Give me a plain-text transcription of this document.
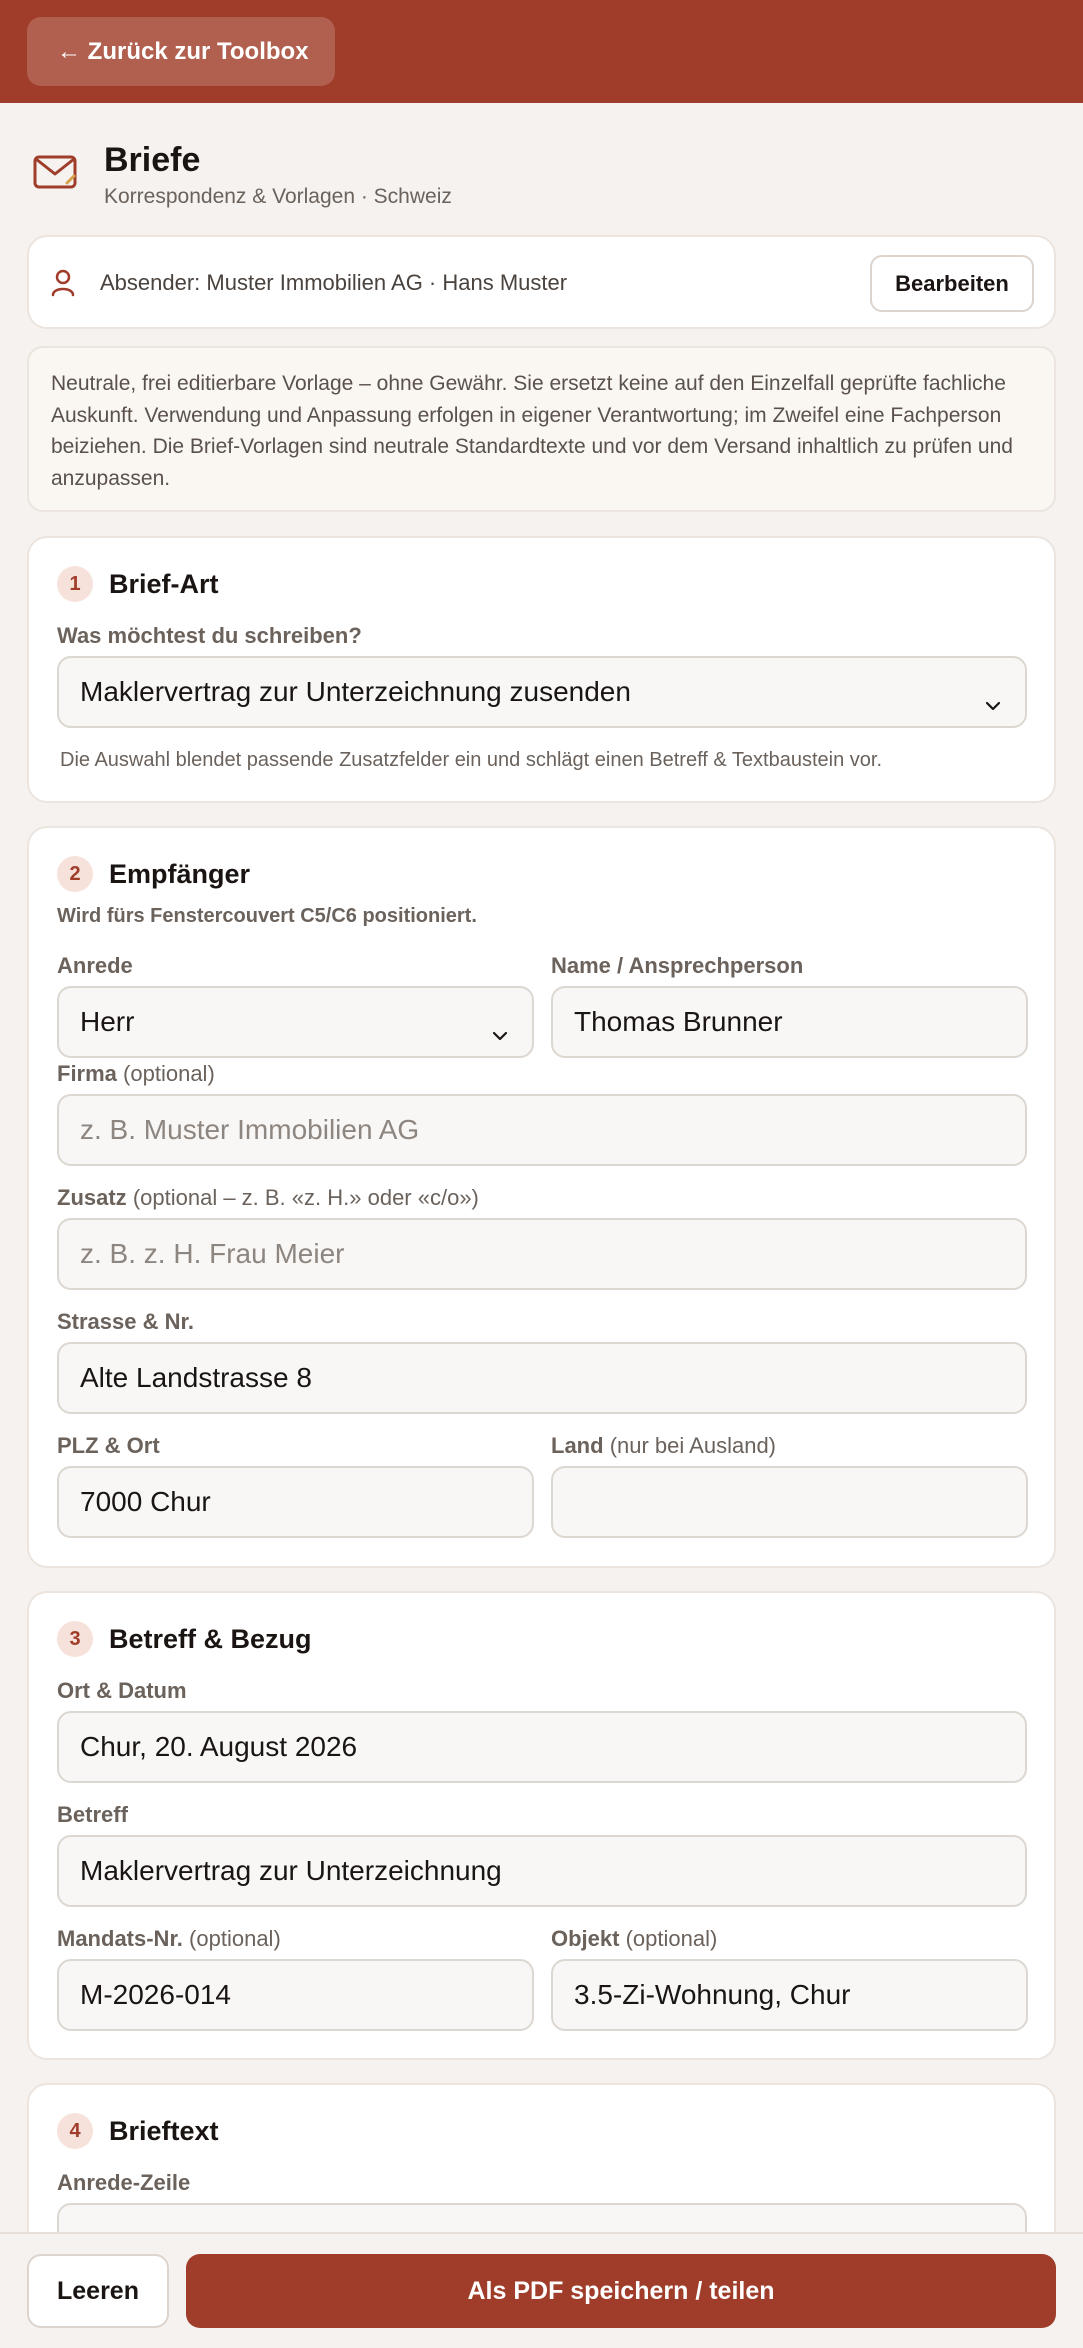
← Zurück zur Toolbox
Briefe
Korrespondenz & Vorlagen · Schweiz
Absender: Muster Immobilien AG · Hans Muster	Bearbeiten
Neutrale, frei editierbare Vorlage – ohne Gewähr. Sie ersetzt keine auf den Einzelfall geprüfte fachliche Auskunft. Verwendung und Anpassung erfolgen in eigener Verantwortung; im Zweifel eine Fachperson beiziehen. Die Brief-Vorlagen sind neutrale Standardtexte und vor dem Versand inhaltlich zu prüfen und anzupassen.
1	Brief-Art
Was möchtest du schreiben?
Maklervertrag zur Unterzeichnung zusenden
Die Auswahl blendet passende Zusatzfelder ein und schlägt einen Betreff & Textbaustein vor.
2	Empfänger
Wird fürs Fenstercouvert C5/C6 positioniert.
Anrede
Herr
Name / Ansprechperson
Thomas Brunner
Firma (optional)
z. B. Muster Immobilien AG
Zusatz (optional – z. B. «z. H.» oder «c/o»)
z. B. z. H. Frau Meier
Strasse & Nr.
Alte Landstrasse 8
PLZ & Ort
7000 Chur
Land (nur bei Ausland)
3	Betreff & Bezug
Ort & Datum
Chur, 20. August 2026
Betreff
Maklervertrag zur Unterzeichnung
Mandats-Nr. (optional)
M-2026-014
Objekt (optional)
3.5-Zi-Wohnung, Chur
4	Brieftext
Anrede-Zeile
Leeren	Als PDF speichern / teilen
